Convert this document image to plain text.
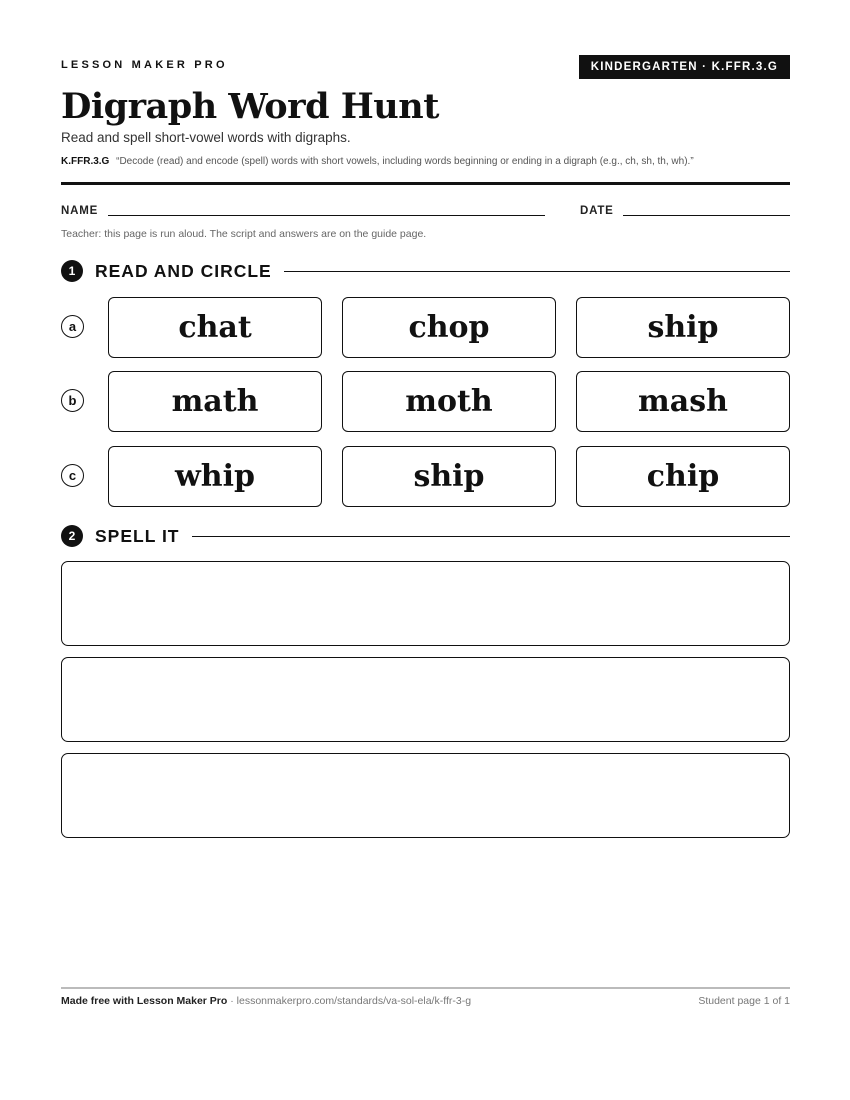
LESSON MAKER PRO	KINDERGARTEN · K.FFR.3.G
Digraph Word Hunt
Read and spell short-vowel words with digraphs.
K.FFR.3.G “Decode (read) and encode (spell) words with short vowels, including words beginning or ending in a digraph (e.g., ch, sh, th, wh).”
NAME	DATE
Teacher: this page is run aloud. The script and answers are on the guide page.
1	READ AND CIRCLE
a	chat	chop	ship
b	math	moth	mash
c	whip	ship	chip
2	SPELL IT
Made free with Lesson Maker Pro · lessonmakerpro.com/standards/va-sol-ela/k-ffr-3-g	Student page 1 of 1
